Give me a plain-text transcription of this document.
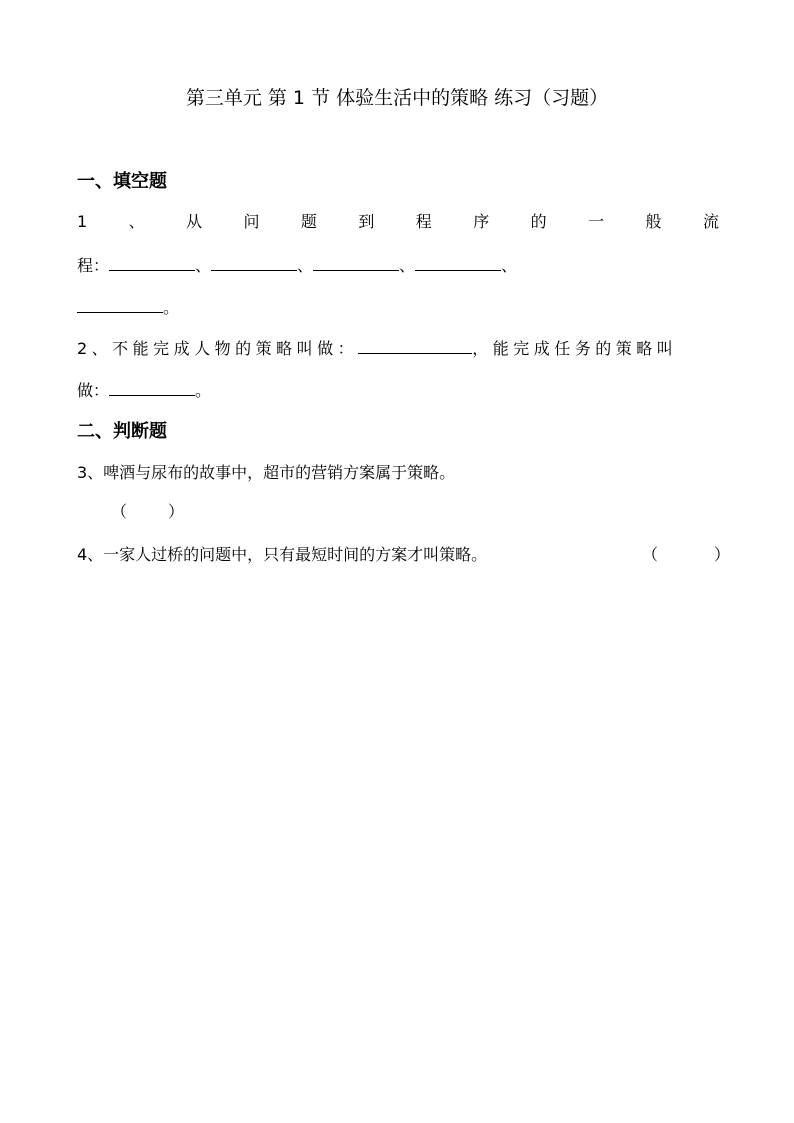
第三单元 第 1 节 体验生活中的策略 练习（习题）
一、填空题
1	、	从	问	题	到	程	序	的	一	般	流
程：	、	、	、	、
。
2、不能完成人物的策略叫做：	，能完成任务的策略叫
做：	。
二、判断题
3、啤酒与尿布的故事中，超市的营销方案属于策略。
（	）
4、一家人过桥的问题中，只有最短时间的方案才叫策略。	（	）
